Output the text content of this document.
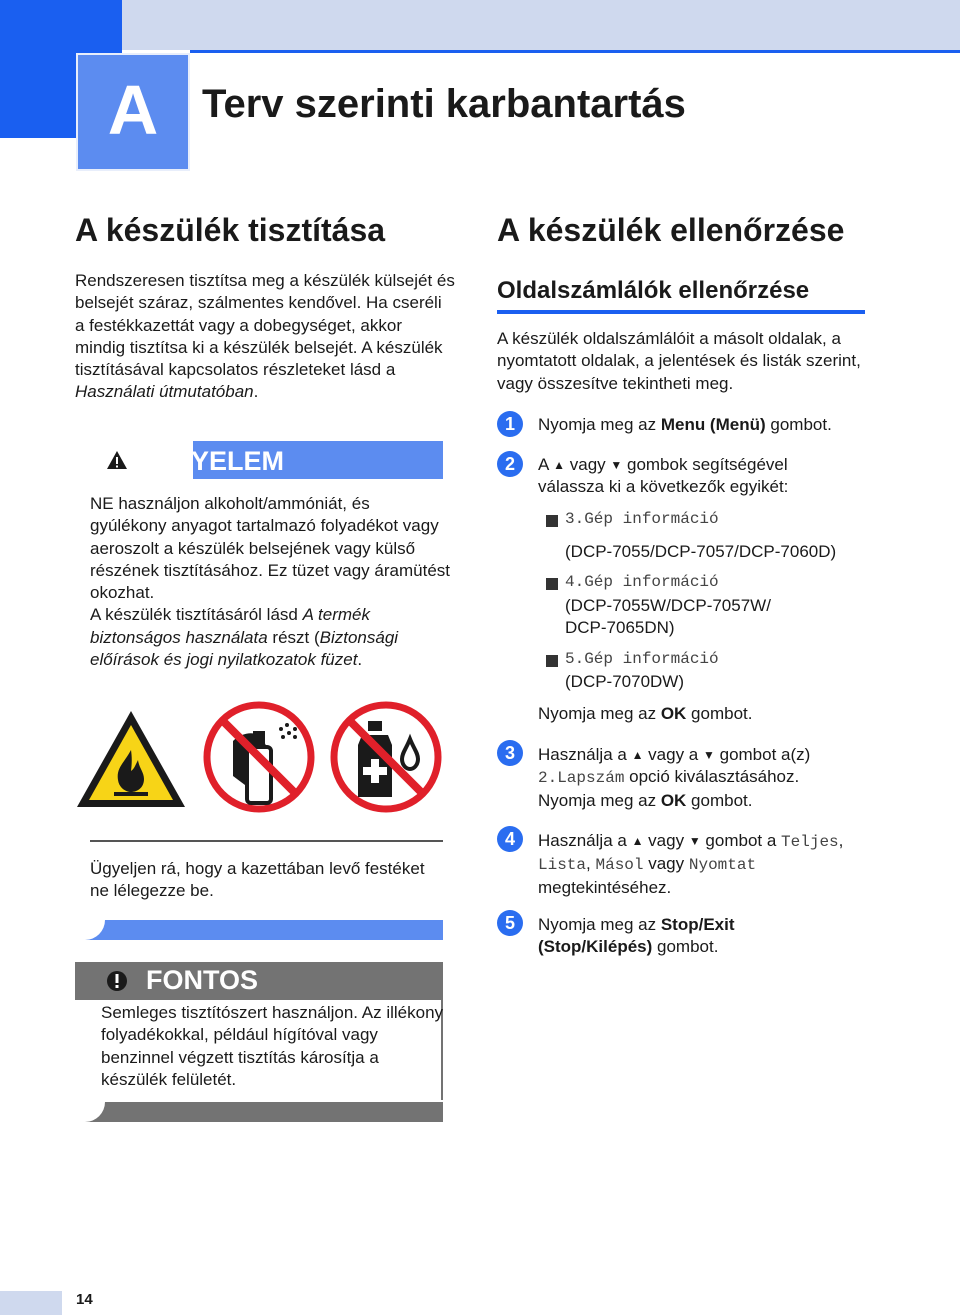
A	Terv szerinti karbantartás
A készülék tisztítása

Rendszeresen tisztítsa meg a készülék külsejét és belsejét száraz, szálmentes kendővel. Ha cseréli a festékkazettát vagy a dobegységet, akkor mindig tisztítsa ki a készülék belsejét. A készülék tisztításával kapcsolatos részleteket lásd a Használati útmutatóban.

FIGYELEM

NE használjon alkoholt/ammóniát, és gyúlékony anyagot tartalmazó folyadékot vagy aeroszolt a készülék belsejének vagy külső részének tisztításához. Ez tüzet vagy áramütést okozhat.

A készülék tisztításáról lásd A termék biztonságos használata részt (Biztonsági előírások és jogi nyilatkozatok füzet.

Ügyeljen rá, hogy a kazettában levő festéket ne lélegezze be.

FONTOS

Semleges tisztítószert használjon. Az illékony folyadékokkal, például hígítóval vagy benzinnel végzett tisztítás károsítja a készülék felületét.

A készülék ellenőrzése
Oldalszámlálók ellenőrzése

A készülék oldalszámlálóit a másolt oldalak, a nyomtatott oldalak, a jelentések és listák szerint, vagy összesítve tekintheti meg.

1	Nyomja meg az Menu (Menü) gombot.
2	A ▲ vagy ▼ gombok segítségével válassza ki a következők egyikét:
3.Gép információ
(DCP-7055/DCP-7057/DCP-7060D)
4.Gép információ
(DCP-7055W/DCP-7057W/ DCP-7065DN)
5.Gép információ
(DCP-7070DW)
Nyomja meg az OK gombot.
3	Használja a ▲ vagy a ▼ gombot a(z) 2.Lapszám opció kiválasztásához.
Nyomja meg az OK gombot.
4	Használja a ▲ vagy ▼ gombot a Teljes, Lista, Másol vagy Nyomtat megtekintéséhez.
5	Nyomja meg az Stop/Exit (Stop/Kilépés) gombot.
14
